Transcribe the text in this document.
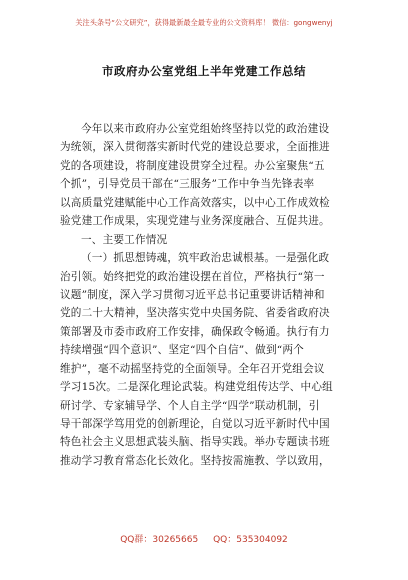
关注头条号“公文研究”，获得最新最全最专业的公文资料库！ 微信：gongwenyj
市政府办公室党组上半年党建工作总结
今年以来市政府办公室党组始终坚持以党的政治建设
为统领，深入贯彻落实新时代党的建设总要求，全面推进
党的各项建设，将制度建设贯穿全过程。办公室聚焦“五
个抓”，引导党员干部在“三服务”工作中争当先锋表率
以高质量党建赋能中心工作高效落实，以中心工作成效检
验党建工作成果，实现党建与业务深度融合、互促共进。
一、主要工作情况
（一）抓思想铸魂，筑牢政治忠诚根基。一是强化政
治引领。始终把党的政治建设摆在首位，严格执行“第一
议题”制度，深入学习贯彻习近平总书记重要讲话精神和
党的二十大精神，坚决落实党中央国务院、省委省政府决
策部署及市委市政府工作安排，确保政令畅通。执行有力
持续增强“四个意识”、坚定“四个自信”、做到“两个
维护”，毫不动摇坚持党的全面领导。全年召开党组会议
学习15次。二是深化理论武装。构建党组传达学、中心组
研讨学、专家辅导学、个人自主学“四学”联动机制，引
导干部深学笃用党的创新理论，自觉以习近平新时代中国
特色社会主义思想武装头脑、指导实践。举办专题读书班
推动学习教育常态化长效化。坚持按需施教、学以致用，
QQ群：30265665 QQ：535304092
